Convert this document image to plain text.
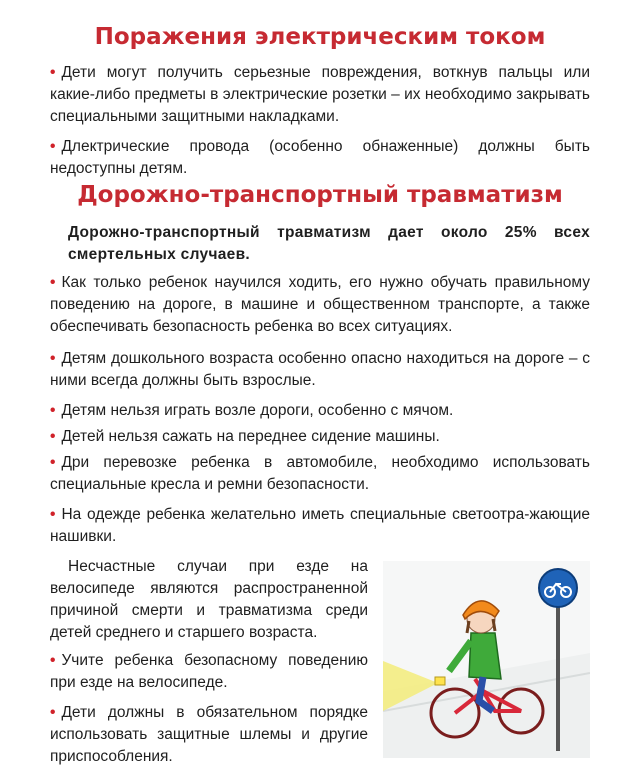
Поражения электрическим током

• Дети могут получить серьезные повреждения, воткнув пальцы или какие-либо предметы в электрические розетки – их необходимо закрывать специальными защитными накладками.

• Длектрические провода (особенно обнаженные) должны быть недоступны детям.

Дорожно-транспортный травматизм

Дорожно-транспортный травматизм дает около 25% всех смертельных случаев.

• Как только ребенок научился ходить, его нужно обучать правильному поведению на дороге, в машине и общественном транспорте, а также обеспечивать безопасность ребенка во всех ситуациях.

• Детям дошкольного возраста особенно опасно находиться на дороге – с ними всегда должны быть взрослые.

• Детям нельзя играть возле дороги, особенно с мячом.

• Детей нельзя сажать на переднее сидение машины.

• Дри перевозке ребенка в автомобиле, необходимо использовать специальные кресла и ремни безопасности.

• На одежде ребенка желательно иметь специальные светоотра-жающие нашивки.

Несчастные случаи при езде на велосипеде являются распространенной причиной смерти и травматизма среди детей среднего и старшего возраста.

• Учите ребенка безопасному поведению при езде на велосипеде.

• Дети должны в обязательном порядке использовать защитные шлемы и другие приспособления.
